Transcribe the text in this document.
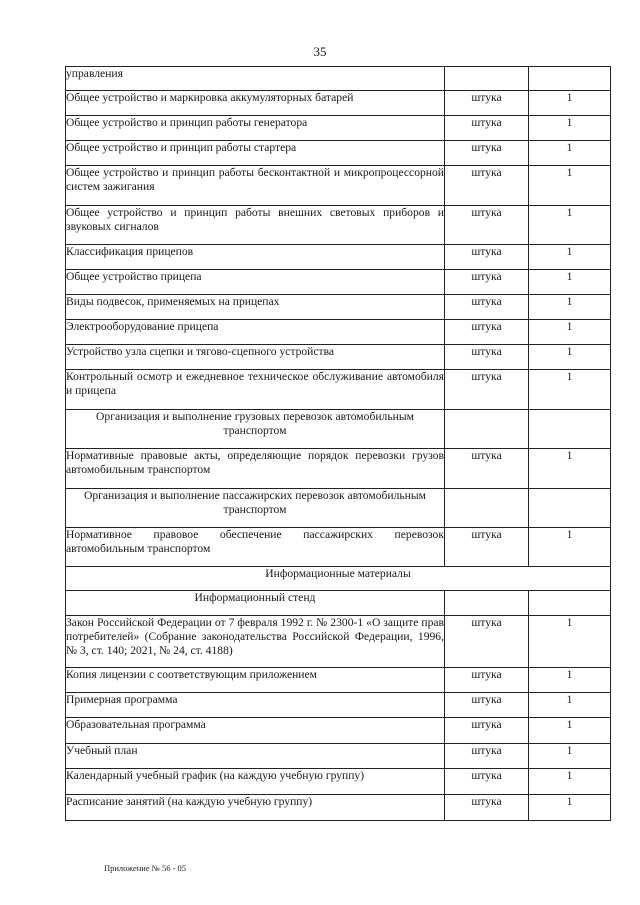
35
управления		
Общее устройство и маркировка аккумуляторных батарей	штука	1
Общее устройство и принцип работы генератора	штука	1
Общее устройство и принцип работы стартера	штука	1
Общее устройство и принцип работы бесконтактной и микропроцессорной систем зажигания	штука	1
Общее устройство и принцип работы внешних световых приборов и звуковых сигналов	штука	1
Классификация прицепов	штука	1
Общее устройство прицепа	штука	1
Виды подвесок, применяемых на прицепах	штука	1
Электрооборудование прицепа	штука	1
Устройство узла сцепки и тягово-сцепного устройства	штука	1
Контрольный осмотр и ежедневное техническое обслуживание автомобиля и прицепа	штука	1
Организация и выполнение грузовых перевозок автомобильным транспортом		
Нормативные правовые акты, определяющие порядок перевозки грузов автомобильным транспортом	штука	1
Организация и выполнение пассажирских перевозок автомобильным транспортом		
Нормативное правовое обеспечение пассажирских перевозок автомобильным транспортом	штука	1
Информационные материалы		
Информационный стенд		
Закон Российской Федерации от 7 февраля 1992 г. № 2300-1 «О защите прав потребителей» (Собрание законодательства Российской Федерации, 1996, № 3, ст. 140; 2021, № 24, ст. 4188)	штука	1
Копия лицензии с соответствующим приложением	штука	1
Примерная программа	штука	1
Образовательная программа	штука	1
Учебный план	штука	1
Календарный учебный график (на каждую учебную группу)	штука	1
Расписание занятий (на каждую учебную группу)	штука	1
Приложение № 56 - 05
